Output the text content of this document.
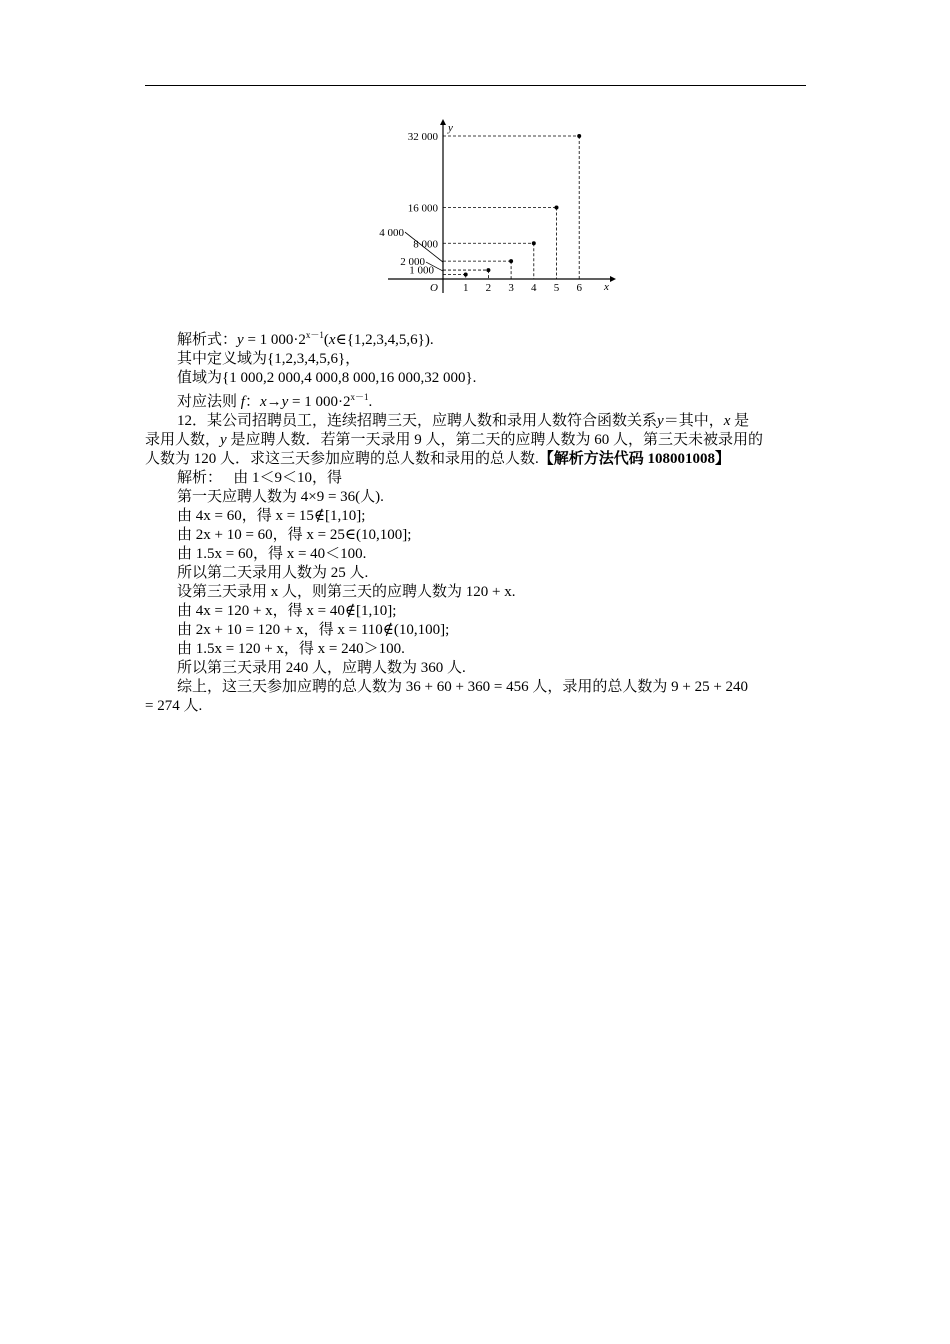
x
y
O 1 2 3 4 5 6
1 000
2 000
4 000
8 000
16 000
32 000
解析式：y = 1 $000\cdot 2^{x-1}(x\in\{1,2,3,4,5,6\})$.
其中定义域为{1,2,3,4,5,6}，
值域为{1 000,2 000,4 000,8 000,16 000,32 000}.
对应法则 f：x→y = 1 $000\cdot 2^{x-1}$.
12．某公司招聘员工，连续招聘三天，应聘人数和录用人数符合函数关系y＝其中，x 是
录用人数，y 是应聘人数．若第一天录用 9 人，第二天的应聘人数为 60 人，第三天未被录用的
人数为 120 人．求这三天参加应聘的总人数和录用的总人数.【解析方法代码 108001008】
解析：　 由 1＜9＜10，得
第一天应聘人数为 4×9 = 36(人).
由 4x = 60，得 x = 15∉[1,10];
由 2x + 10 = 60，得 x = 25∈(10,100];
由 1.5x = 60，得 x = 40＜100.
所以第二天录用人数为 25 人.
设第三天录用 x 人，则第三天的应聘人数为 120 + x.
由 4x = 120 + x，得 x = 40∉[1,10];
由 2x + 10 = 120 + x，得 x = 110∉(10,100];
由 1.5x = 120 + x，得 x = 240＞100.
所以第三天录用 240 人，应聘人数为 360 人.
综上，这三天参加应聘的总人数为 36 + 60 + 360 = 456 人，录用的总人数为 9 + 25 + 240
= 274 人.
